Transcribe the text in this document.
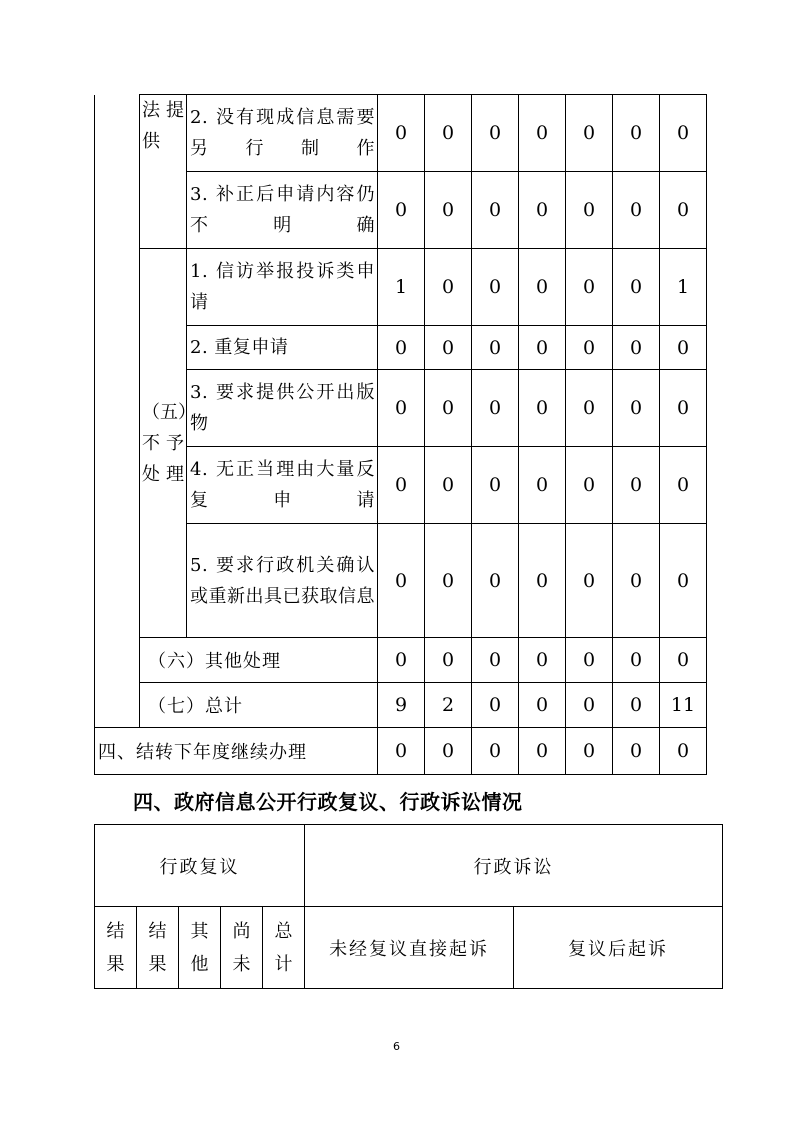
	法提供	2. 没有现成信息需要另行制作	0	0	0	0	0	0	0
		3. 补正后申请内容仍不明确	0	0	0	0	0	0	0
	（五）不予处理	1. 信访举报投诉类申请	1	0	0	0	0	0	1
		2. 重复申请	0	0	0	0	0	0	0
		3. 要求提供公开出版物	0	0	0	0	0	0	0
		4. 无正当理由大量反复申请	0	0	0	0	0	0	0
		5. 要求行政机关确认或重新出具已获取信息	0	0	0	0	0	0	0
	（六）其他处理		0	0	0	0	0	0	0
	（七）总计		9	2	0	0	0	0	11
四、结转下年度继续办理			0	0	0	0	0	0	0
四、政府信息公开行政复议、行政诉讼情况
行政复议					行政诉讼	
结果	结果	其他	尚未	总计	未经复议直接起诉	复议后起诉
6
